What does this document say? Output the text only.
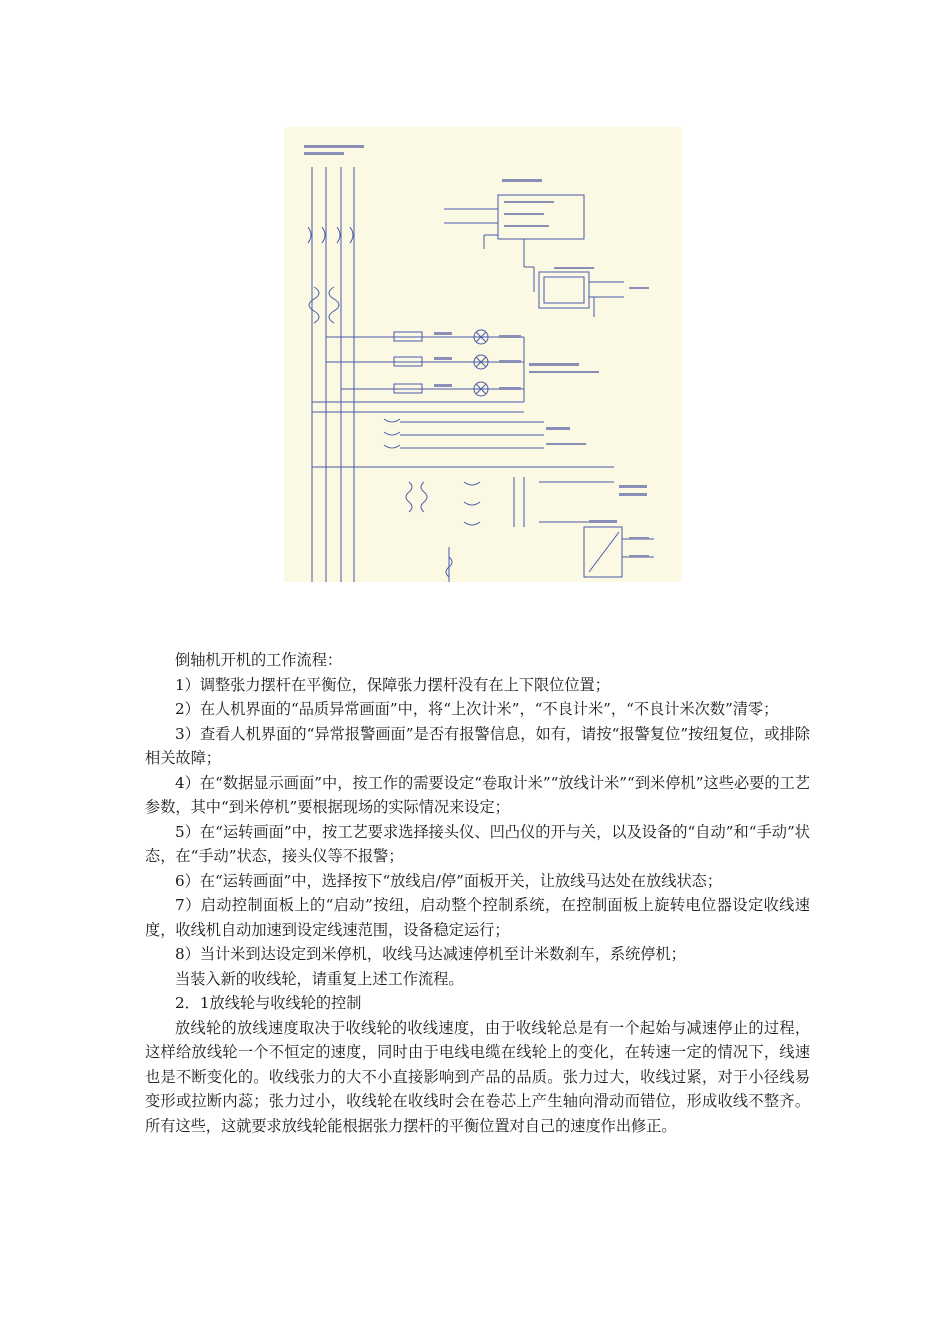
倒轴机开机的工作流程：

1）调整张力摆杆在平衡位，保障张力摆杆没有在上下限位位置；

2）在人机界面的“品质异常画面”中，将“上次计米”，“不良计米”，“不良计米次数”清零；

3）查看人机界面的“异常报警画面”是否有报警信息，如有，请按“报警复位”按纽复位，或排除相关故障；

4）在“数据显示画面”中，按工作的需要设定“卷取计米”“放线计米”“到米停机”这些必要的工艺参数，其中“到米停机”要根据现场的实际情况来设定；

5）在“运转画面”中，按工艺要求选择接头仪、凹凸仪的开与关，以及设备的“自动”和“手动”状态，在“手动”状态，接头仪等不报警；

6）在“运转画面”中，选择按下“放线启/停”面板开关，让放线马达处在放线状态；

7）启动控制面板上的“启动”按纽，启动整个控制系统，在控制面板上旋转电位器设定收线速度，收线机自动加速到设定线速范围，设备稳定运行；

8）当计米到达设定到米停机，收线马达减速停机至计米数刹车，系统停机；

当装入新的收线轮，请重复上述工作流程。

2．1放线轮与收线轮的控制

放线轮的放线速度取决于收线轮的收线速度，由于收线轮总是有一个起始与减速停止的过程，这样给放线轮一个不恒定的速度，同时由于电线电缆在线轮上的变化，在转速一定的情况下，线速也是不断变化的。收线张力的大不小直接影响到产品的品质。张力过大，收线过紧，对于小径线易变形或拉断内蕊；张力过小，收线轮在收线时会在卷芯上产生轴向滑动而错位，形成收线不整齐。所有这些，这就要求放线轮能根据张力摆杆的平衡位置对自己的速度作出修正。
